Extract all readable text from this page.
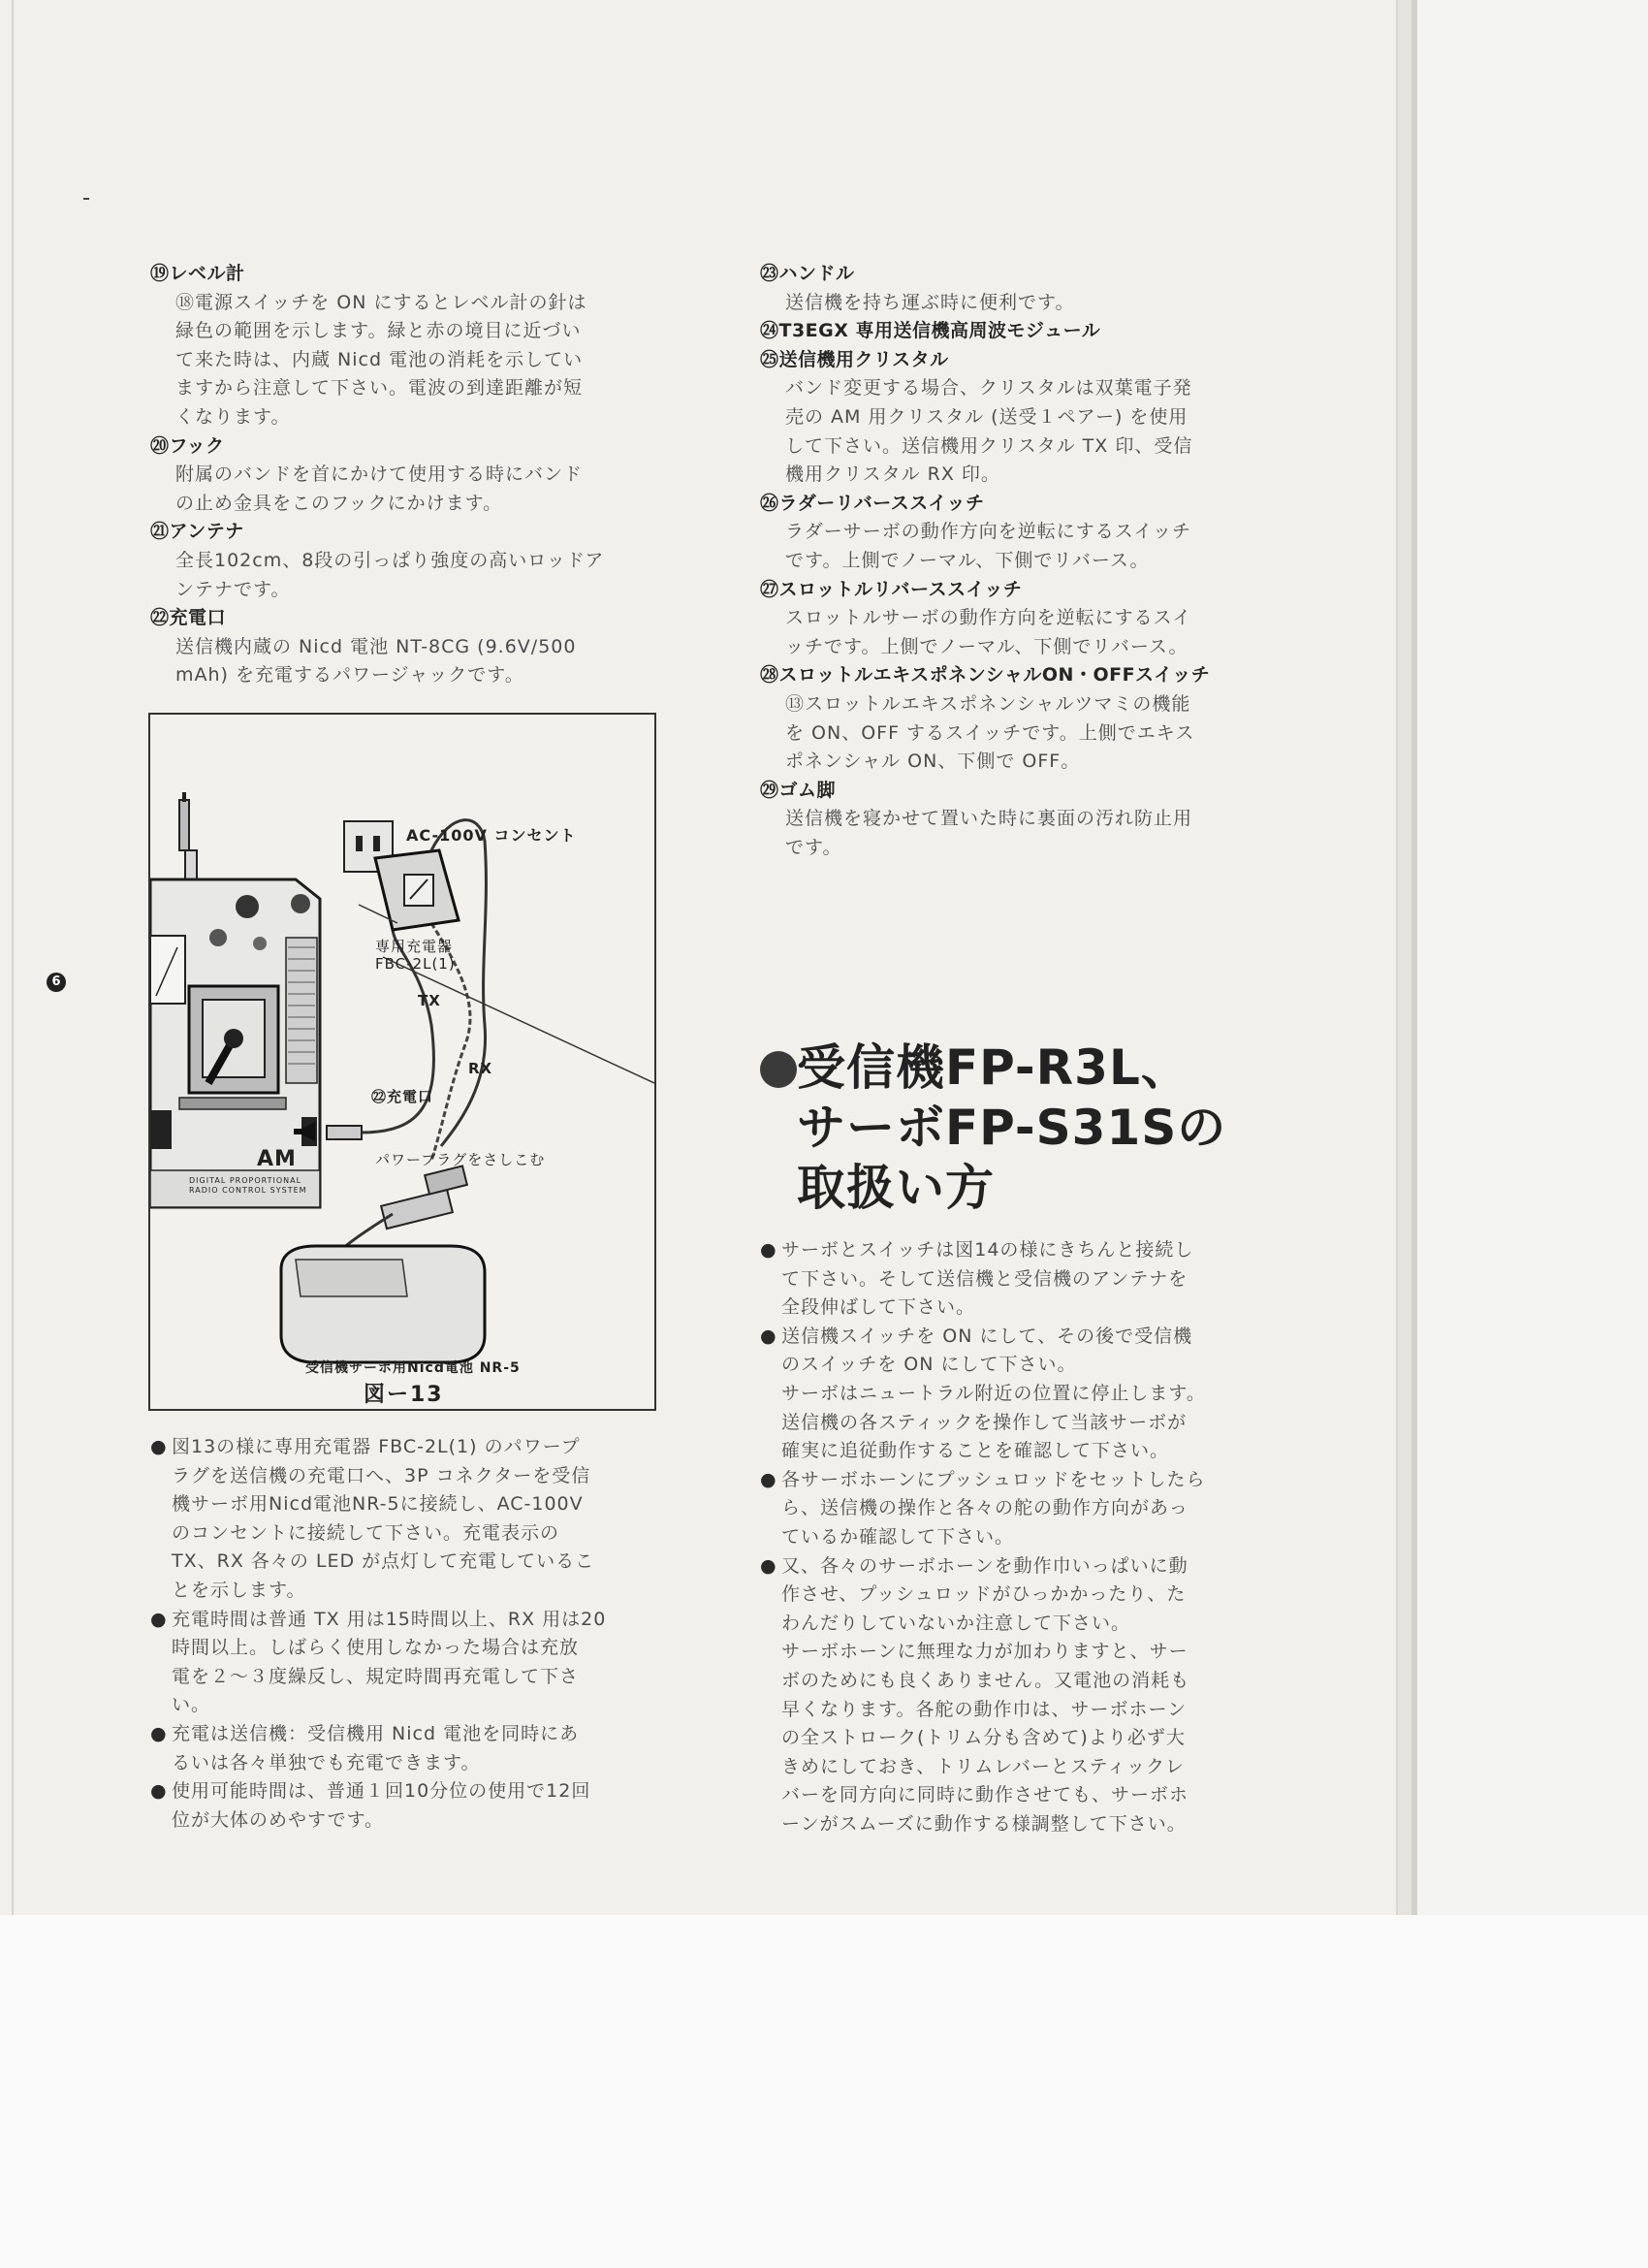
6
⑲レベル計
⑱電源スイッチを ON にするとレベル計の針は
緑色の範囲を示します。緑と赤の境目に近づい
て来た時は、内蔵 Nicd 電池の消耗を示してい
ますから注意して下さい。電波の到達距離が短
くなります。
⑳フック
附属のバンドを首にかけて使用する時にバンド
の止め金具をこのフックにかけます。
㉑アンテナ
全長102cm、8段の引っぱり強度の高いロッドア
ンテナです。
㉒充電口
送信機内蔵の Nicd 電池 NT-8CG (9.6V/500
mAh) を充電するパワージャックです。
㉓ハンドル
送信機を持ち運ぶ時に便利です。
㉔T3EGX 専用送信機高周波モジュール
㉕送信機用クリスタル
バンド変更する場合、クリスタルは双葉電子発
売の AM 用クリスタル (送受１ペアー) を使用
して下さい。送信機用クリスタル TX 印、受信
機用クリスタル RX 印。
㉖ラダーリバーススイッチ
ラダーサーボの動作方向を逆転にするスイッチ
です。上側でノーマル、下側でリバース。
㉗スロットルリバーススイッチ
スロットルサーボの動作方向を逆転にするスイ
ッチです。上側でノーマル、下側でリバース。
㉘スロットルエキスポネンシャルON・OFFスイッチ
⑬スロットルエキスポネンシャルツマミの機能
を ON、OFF するスイッチです。上側でエキス
ポネンシャル ON、下側で OFF。
㉙ゴム脚
送信機を寝かせて置いた時に裏面の汚れ防止用
です。
AC-100V コンセント
専用充電器
FBC-2L(1)
TX
RX
㉒充電口
パワープラグをさしこむ
AM
DIGITAL PROPORTIONAL RADIO CONTROL SYSTEM
受信機サーボ用Nicd電池 NR-5
図ー13
● 図13の様に専用充電器 FBC-2L(1) のパワープ
ラグを送信機の充電口へ、3P コネクターを受信
機サーボ用Nicd電池NR-5に接続し、AC-100V
のコンセントに接続して下さい。充電表示の
TX、RX 各々の LED が点灯して充電しているこ
とを示します。
● 充電時間は普通 TX 用は15時間以上、RX 用は20
時間以上。しばらく使用しなかった場合は充放
電を２～３度繰反し、規定時間再充電して下さ
い。
● 充電は送信機：受信機用 Nicd 電池を同時にあ
るいは各々単独でも充電できます。
● 使用可能時間は、普通１回10分位の使用で12回
位が大体のめやすです。
受信機FP-R3L、
サーボFP-S31Sの
取扱い方
● サーボとスイッチは図14の様にきちんと接続し
て下さい。そして送信機と受信機のアンテナを
全段伸ばして下さい。
● 送信機スイッチを ON にして、その後で受信機
のスイッチを ON にして下さい。
サーボはニュートラル附近の位置に停止します。
送信機の各スティックを操作して当該サーボが
確実に追従動作することを確認して下さい。
● 各サーボホーンにプッシュロッドをセットしたら
ら、送信機の操作と各々の舵の動作方向があっ
ているか確認して下さい。
● 又、各々のサーボホーンを動作巾いっぱいに動
作させ、プッシュロッドがひっかかったり、た
わんだりしていないか注意して下さい。
サーボホーンに無理な力が加わりますと、サー
ボのためにも良くありません。又電池の消耗も
早くなります。各舵の動作巾は、サーボホーン
の全ストローク(トリム分も含めて)より必ず大
きめにしておき、トリムレバーとスティックレ
バーを同方向に同時に動作させても、サーボホ
ーンがスムーズに動作する様調整して下さい。
